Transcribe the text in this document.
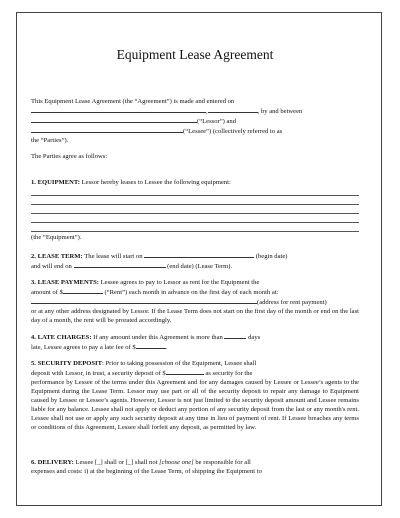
Equipment Lease Agreement
This Equipment Lease Agreement (the “Agreement”) is made and entered on
,	, by and between
(“Lessor”) and
(“Lessee”) (collectively referred to as
the “Parties”).
The Parties agree as follows:
1. EQUIPMENT: Lessor hereby leases to Lessee the following equipment:
(the “Equipment”).
2. LEASE TERM: The lease will start on	(begin date)
and will end on	(end date) (Lease Term).
3. LEASE PAYMENTS: Lessee agrees to pay to Lessor as rent for the Equipment the
amount of $	(“Rent”) each month in advance on the first day of each month at:
(address for rent payment)
or at any other address designated by Lessor. If the Lease Term does not start on the first day of the month or end on the last day of a month, the rent will be prorated accordingly.
4. LATE CHARGES: If any amount under this Agreement is more than	days
late, Lessee agrees to pay a late fee of $	.
5. SECURITY DEPOSIT: Prior to taking possession of the Equipment, Lessee shall
deposit with Lessor, in trust, a security deposit of $	as security for the
performance by Lessee of the terms under this Agreement and for any damages caused by Lessee or Lessee’s agents to the Equipment during the Lease Term. Lessor may use part or all of the security deposit to repair any damage to Equipment caused by Lessee or Lessee’s agents. However, Lessor is not just limited to the security deposit amount and Lessee remains liable for any balance. Lessee shall not apply or deduct any portion of any security deposit from the last or any month's rent. Lessee shall not use or apply any such security deposit at any time in lieu of payment of rent. If Lessee breaches any terms or conditions of this Agreement, Lessee shall forfeit any deposit, as permitted by law.
6. DELIVERY: Lessee [_] shall or [_] shall not [choose one] be responsible for all
expenses and costs: i) at the beginning of the Lease Term, of shipping the Equipment to
